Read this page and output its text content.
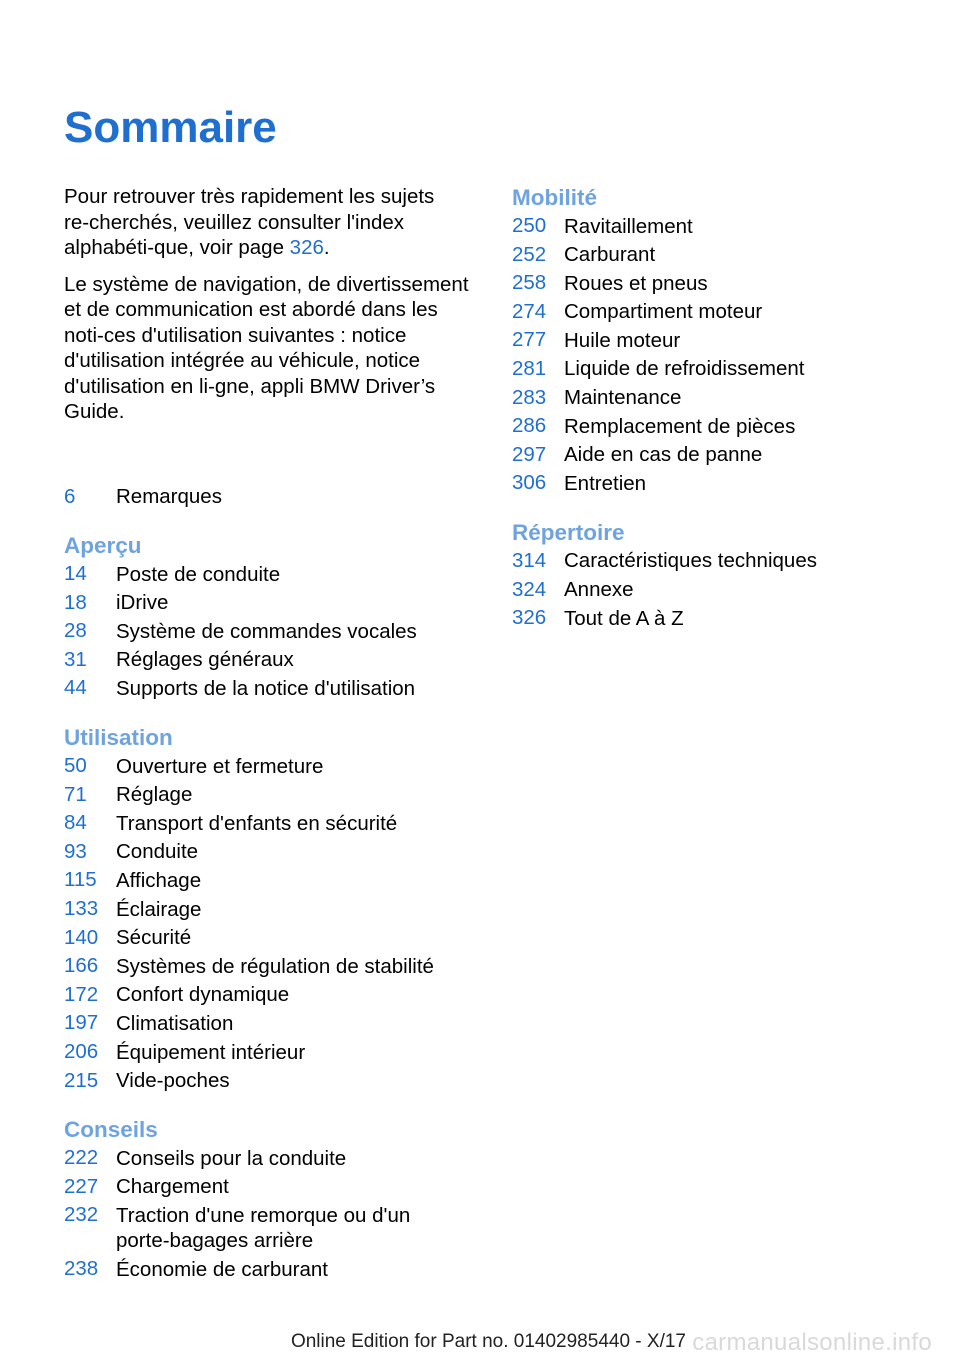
Sommaire

Pour retrouver très rapidement les sujets re‑cherchés, veuillez consulter l'index alphabéti‑que, voir page 326.

Le système de navigation, de divertissement et de communication est abordé dans les noti‑ces d'utilisation suivantes : notice d'utilisation intégrée au véhicule, notice d'utilisation en li‑gne, appli BMW Driver’s Guide.

6	Remarques
Aperçu
14	Poste de conduite
18	iDrive
28	Système de commandes vocales
31	Réglages généraux
44	Supports de la notice d'utilisation
Utilisation
50	Ouverture et fermeture
71	Réglage
84	Transport d'enfants en sécurité
93	Conduite
115 Affichage
133 Éclairage
140 Sécurité
166 Systèmes de régulation de stabilité
172 Confort dynamique
197 Climatisation
206 Équipement intérieur
215 Vide‑poches
Conseils
222 Conseils pour la conduite
227 Chargement
232 Traction d'une remorque ou d'un porte‑bagages arrière
238 Économie de carburant
Mobilité
250 Ravitaillement
252 Carburant
258 Roues et pneus
274 Compartiment moteur
277 Huile moteur
281 Liquide de refroidissement
283 Maintenance
286 Remplacement de pièces
297 Aide en cas de panne
306 Entretien
Répertoire
314 Caractéristiques techniques
324 Annexe
326 Tout de A à Z
Online Edition for Part no. 01402985440 - X/17 carmanualsonline.info
